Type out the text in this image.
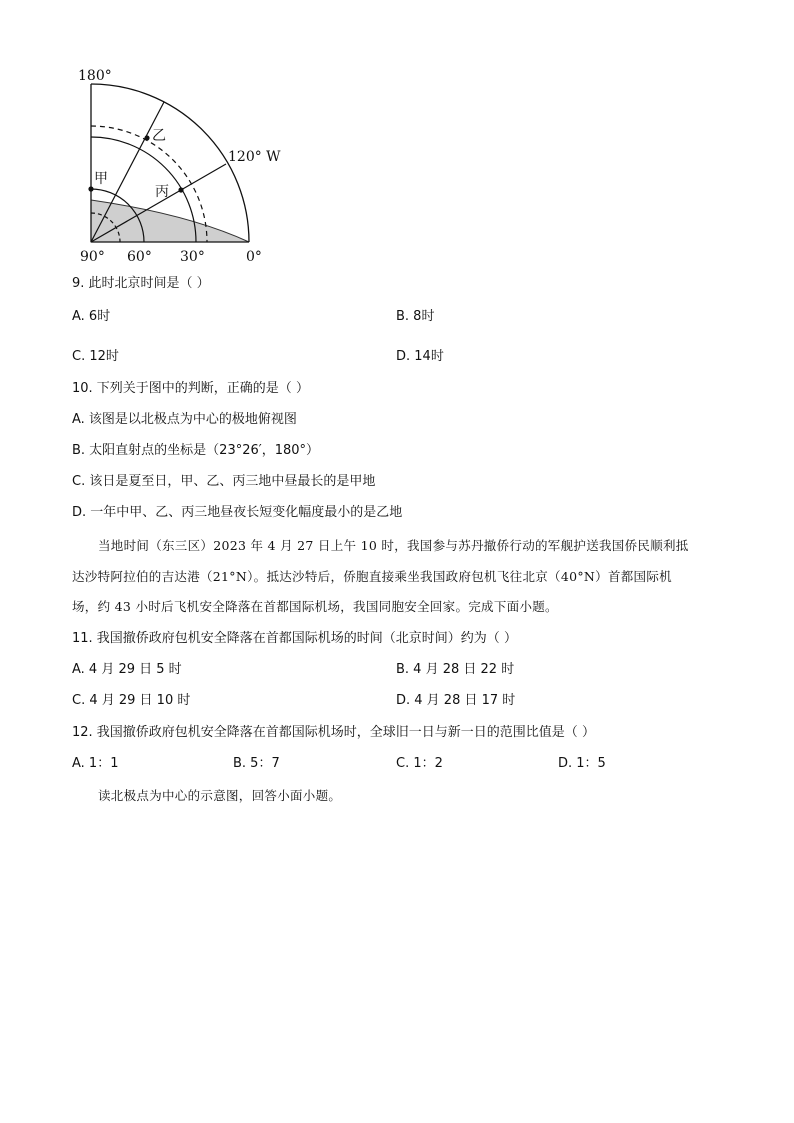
180°
120° W
甲
乙
丙
90° 60° 30°	0°
9. 此时北京时间是（ ）
A. 6时	B. 8时
C. 12时	D. 14时
10. 下列关于图中的判断，正确的是（ ）
A. 该图是以北极点为中心的极地俯视图
B. 太阳直射点的坐标是（23°26′，180°）
C. 该日是夏至日，甲、乙、丙三地中昼最长的是甲地
D. 一年中甲、乙、丙三地昼夜长短变化幅度最小的是乙地
当地时间（东三区）2023 年 4 月 27 日上午 10 时，我国参与苏丹撤侨行动的军舰护送我国侨民顺利抵
达沙特阿拉伯的吉达港（21°N）。抵达沙特后，侨胞直接乘坐我国政府包机飞往北京（40°N）首都国际机
场，约 43 小时后飞机安全降落在首都国际机场，我国同胞安全回家。完成下面小题。
11. 我国撤侨政府包机安全降落在首都国际机场的时间（北京时间）约为（ ）
A. 4 月 29 日 5 时	B. 4 月 28 日 22 时
C. 4 月 29 日 10 时	D. 4 月 28 日 17 时
12. 我国撤侨政府包机安全降落在首都国际机场时，全球旧一日与新一日的范围比值是（ ）
A. 1：1	B. 5：7	C. 1：2	D. 1：5
读北极点为中心的示意图，回答小面小题。
